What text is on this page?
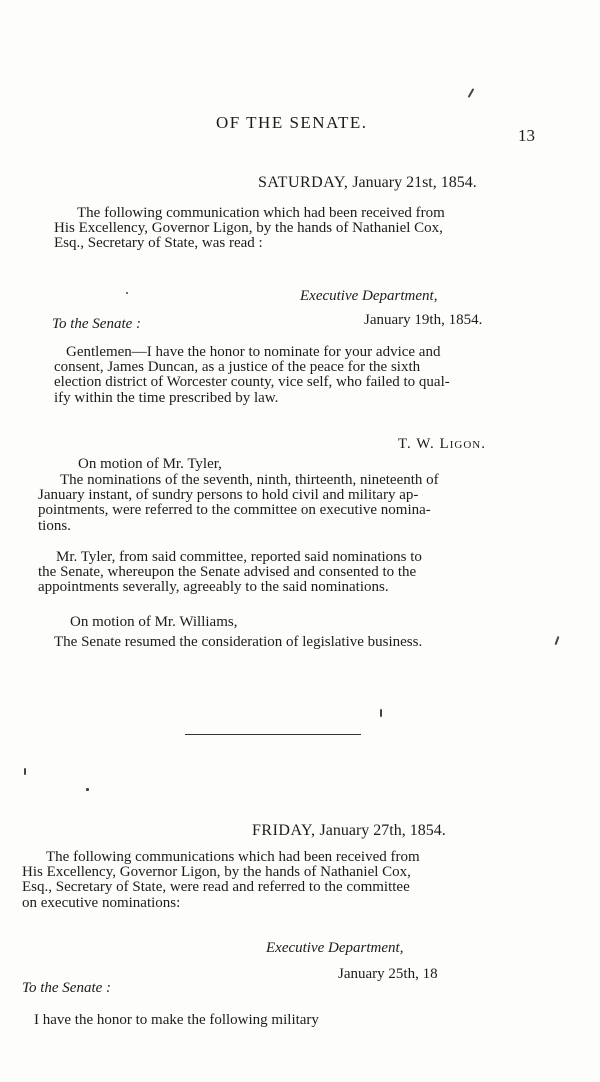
OF THE SENATE.
13
SATURDAY, January 21st, 1854.
The following communication which had been received from
His Excellency, Governor Ligon, by the hands of Nathaniel Cox,
Esq., Secretary of State, was read :
Executive Department,
To the Senate :	January 19th, 1854.
Gentlemen—I have the honor to nominate for your advice and
consent, James Duncan, as a justice of the peace for the sixth
election district of Worcester county, vice self, who failed to qual-
ify within the time prescribed by law.
T. W. Ligon.
On motion of Mr. Tyler,
The nominations of the seventh, ninth, thirteenth, nineteenth of
January instant, of sundry persons to hold civil and military ap-
pointments, were referred to the committee on executive nomina-
tions.
Mr. Tyler, from said committee, reported said nominations to
the Senate, whereupon the Senate advised and consented to the
appointments severally, agreeably to the said nominations.
On motion of Mr. Williams,
The Senate resumed the consideration of legislative business.
FRIDAY, January 27th, 1854.
The following communications which had been received from
His Excellency, Governor Ligon, by the hands of Nathaniel Cox,
Esq., Secretary of State, were read and referred to the committee
on executive nominations:
Executive Department,
January 25th, 18
To the Senate :
I have the honor to make the following military
